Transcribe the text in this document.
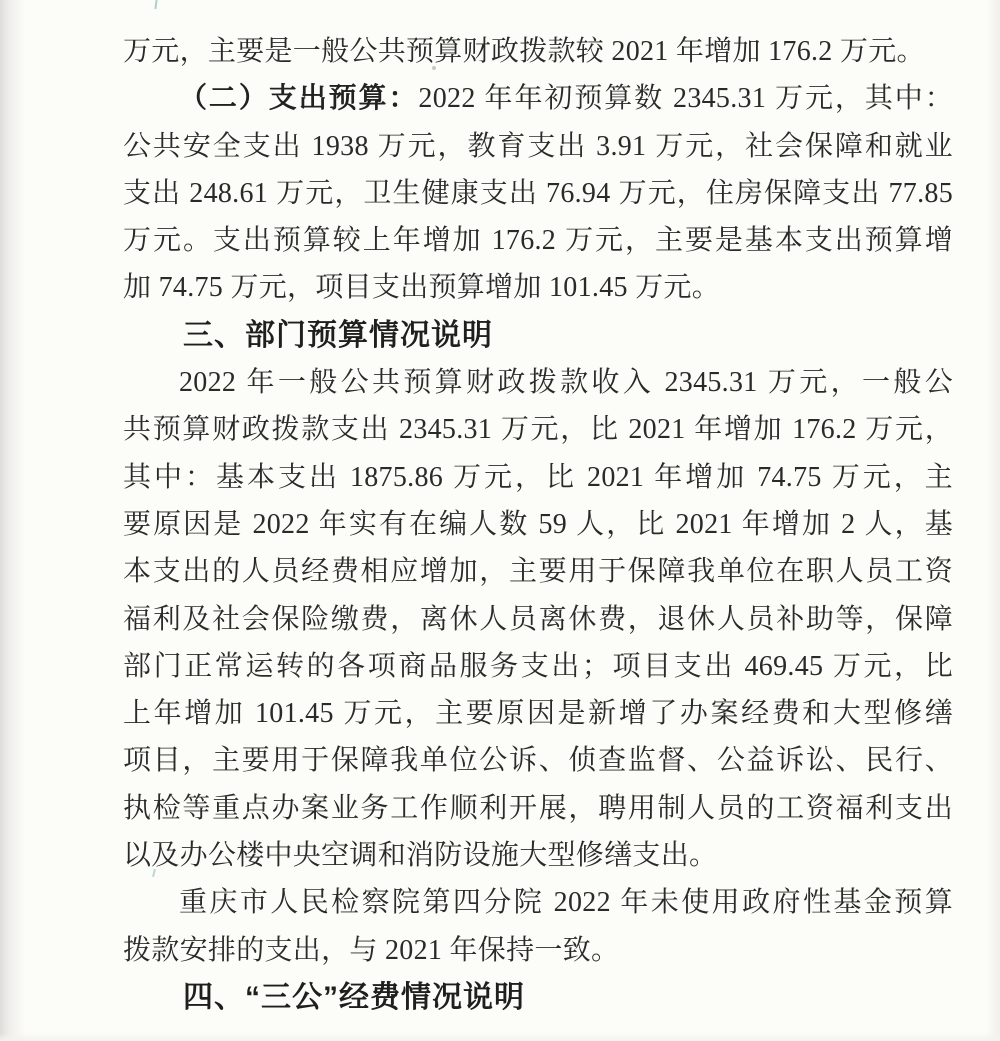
万元，主要是一般公共预算财政拨款较 2021 年增加 176.2 万元。
（二）支出预算：2022 年年初预算数 2345.31 万元，其中：
公共安全支出 1938 万元，教育支出 3.91 万元，社会保障和就业
支出 248.61 万元，卫生健康支出 76.94 万元，住房保障支出 77.85
万元。支出预算较上年增加 176.2 万元，主要是基本支出预算增
加 74.75 万元，项目支出预算增加 101.45 万元。
三、部门预算情况说明
2022 年一般公共预算财政拨款收入 2345.31 万元，一般公
共预算财政拨款支出 2345.31 万元，比 2021 年增加 176.2 万元，
其中：基本支出 1875.86 万元，比 2021 年增加 74.75 万元，主
要原因是 2022 年实有在编人数 59 人，比 2021 年增加 2 人，基
本支出的人员经费相应增加，主要用于保障我单位在职人员工资
福利及社会保险缴费，离休人员离休费，退休人员补助等，保障
部门正常运转的各项商品服务支出；项目支出 469.45 万元，比
上年增加 101.45 万元，主要原因是新增了办案经费和大型修缮
项目，主要用于保障我单位公诉、侦查监督、公益诉讼、民行、
执检等重点办案业务工作顺利开展，聘用制人员的工资福利支出
以及办公楼中央空调和消防设施大型修缮支出。
重庆市人民检察院第四分院 2022 年未使用政府性基金预算
拨款安排的支出，与 2021 年保持一致。
四、“三公”经费情况说明
